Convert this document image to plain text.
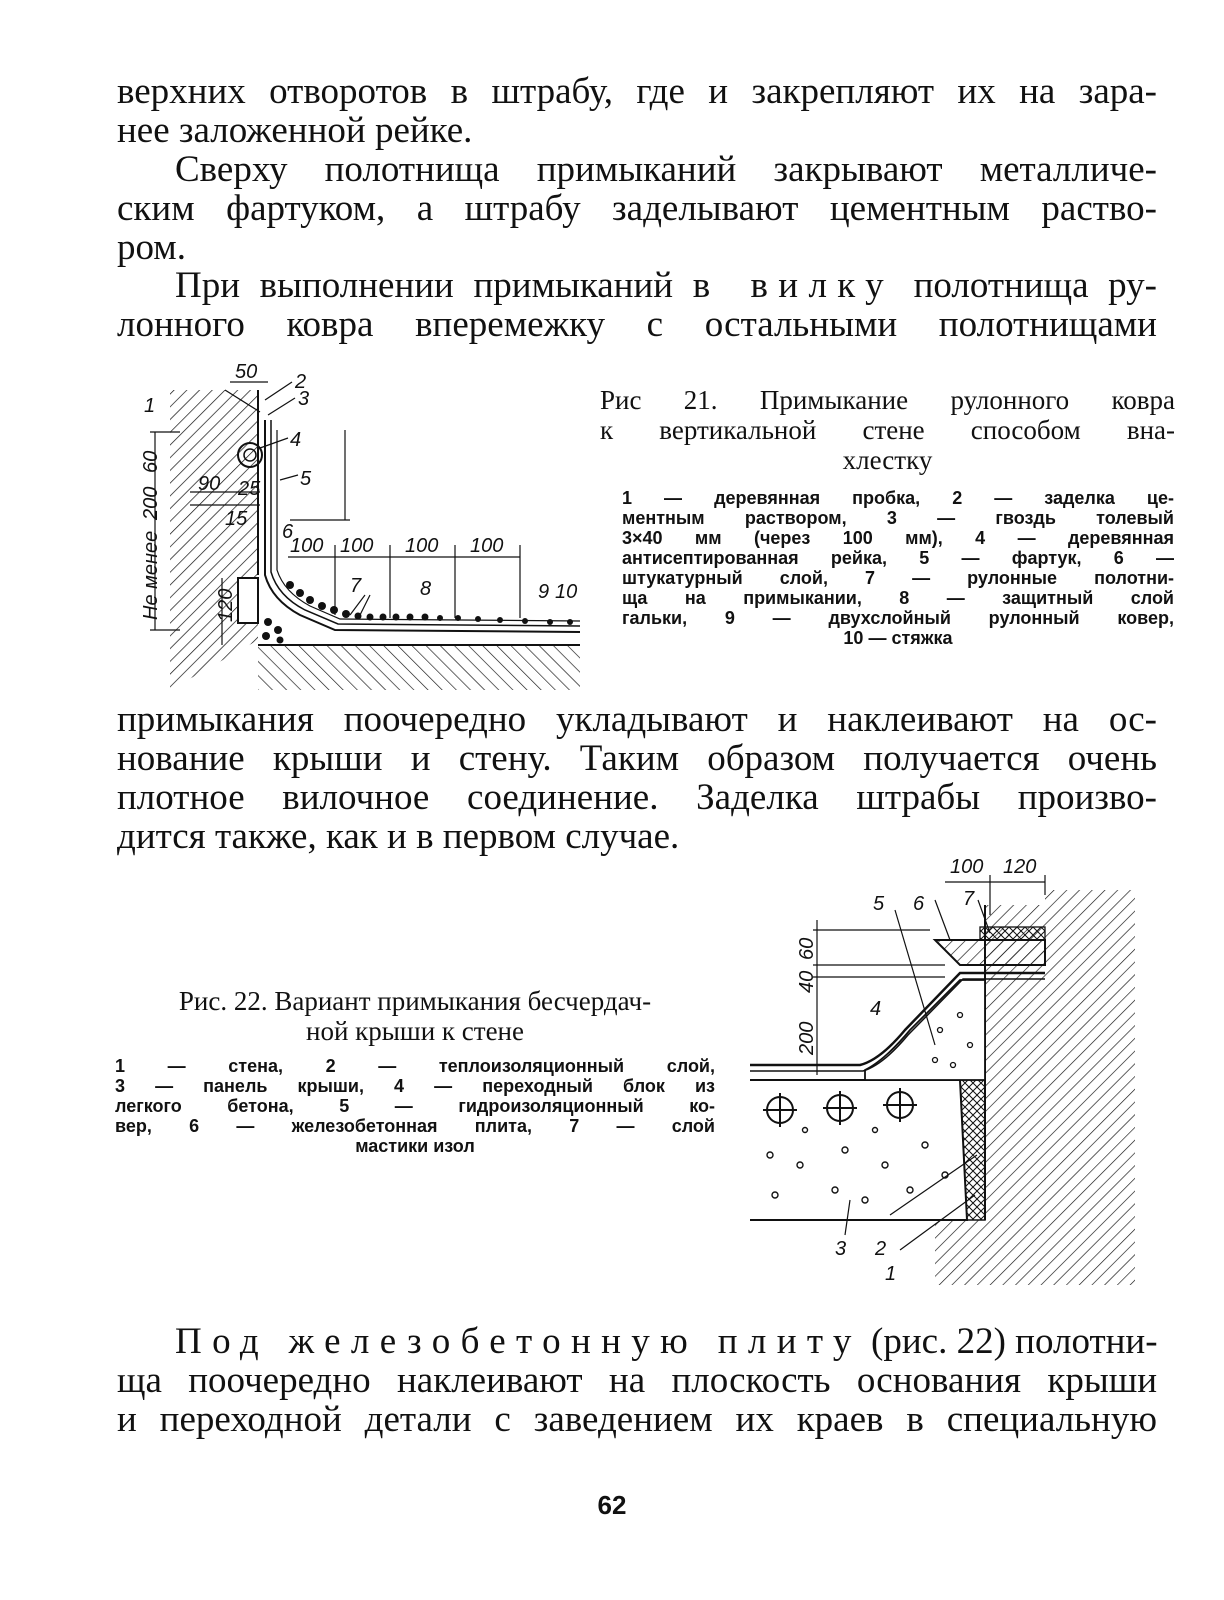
верхних отворотов в штрабу, где и закрепляют их на зара-
нее заложенной рейке.
Сверху полотнища примыканий закрывают металличе-
ским фартуком, а штрабу заделывают цементным раство-
ром.
При выполнении примыканий в вилку полотнища ру-
лонного ковра вперемежку с остальными полотнищами
50 2
3
1
4
5
6
90 25
15
100 100 100 100
7	8	9 10
60
200
Не менее	120
Рис 21. Примыкание рулонного ковра
к вертикальной стене способом вна-
хлестку
1 — деревянная пробка, 2 — заделка це-
ментным раствором, 3 — гвоздь толевый
3×40 мм (через 100 мм), 4 — деревянная
антисептированная рейка, 5 — фартук, 6 —
штукатурный слой, 7 — рулонные полотни-
ща на примыкании, 8 — защитный слой
гальки, 9 — двухслойный рулонный ковер,
10 — стяжка
примыкания поочередно укладывают и наклеивают на ос-
нование крыши и стену. Таким образом получается очень
плотное вилочное соединение. Заделка штрабы произво-
дится также, как и в первом случае.
Рис. 22. Вариант примыкания бесчердач-
ной крыши к стене
1 — стена, 2 — теплоизоляционный слой,
3 — панель крыши, 4 — переходный блок из
легкого бетона, 5 — гидроизоляционный ко-
вер, 6 — железобетонная плита, 7 — слой
мастики изол
100 120
5 6 7
4
3 2
1
60
40
200
Под железобетонную плиту (рис. 22) полотни-
ща поочередно наклеивают на плоскость основания крыши
и переходной детали с заведением их краев в специальную
62
